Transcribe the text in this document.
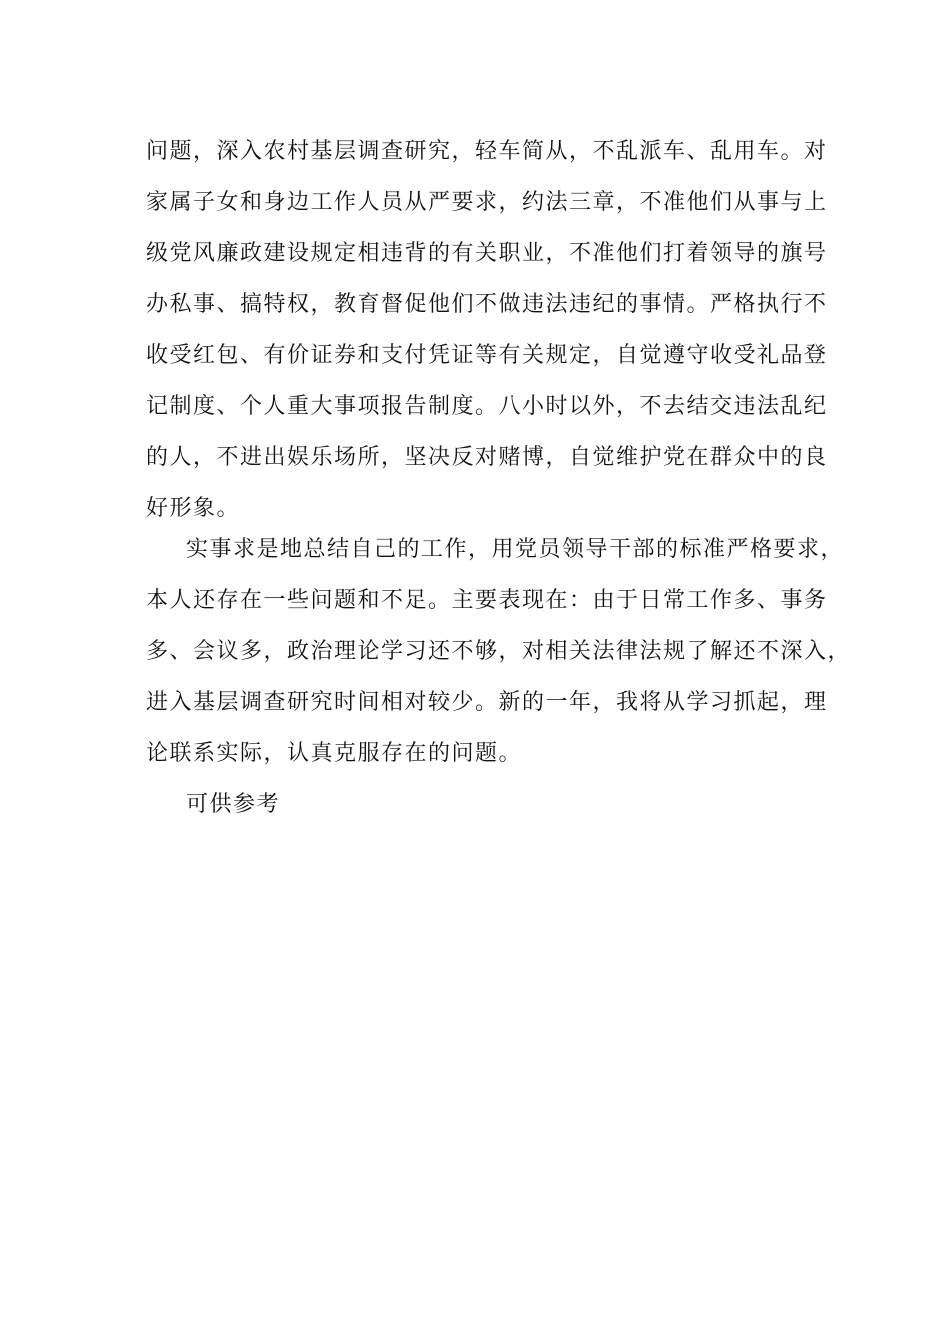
问题，深入农村基层调查研究，轻车简从，不乱派车、乱用车。对
家属子女和身边工作人员从严要求，约法三章，不准他们从事与上
级党风廉政建设规定相违背的有关职业，不准他们打着领导的旗号
办私事、搞特权，教育督促他们不做违法违纪的事情。严格执行不
收受红包、有价证券和支付凭证等有关规定，自觉遵守收受礼品登
记制度、个人重大事项报告制度。八小时以外，不去结交违法乱纪
的人，不进出娱乐场所，坚决反对赌博，自觉维护党在群众中的良
好形象。
实事求是地总结自己的工作，用党员领导干部的标准严格要求，
本人还存在一些问题和不足。主要表现在：由于日常工作多、事务
多、会议多，政治理论学习还不够，对相关法律法规了解还不深入，
进入基层调查研究时间相对较少。新的一年，我将从学习抓起，理
论联系实际，认真克服存在的问题。
可供参考
